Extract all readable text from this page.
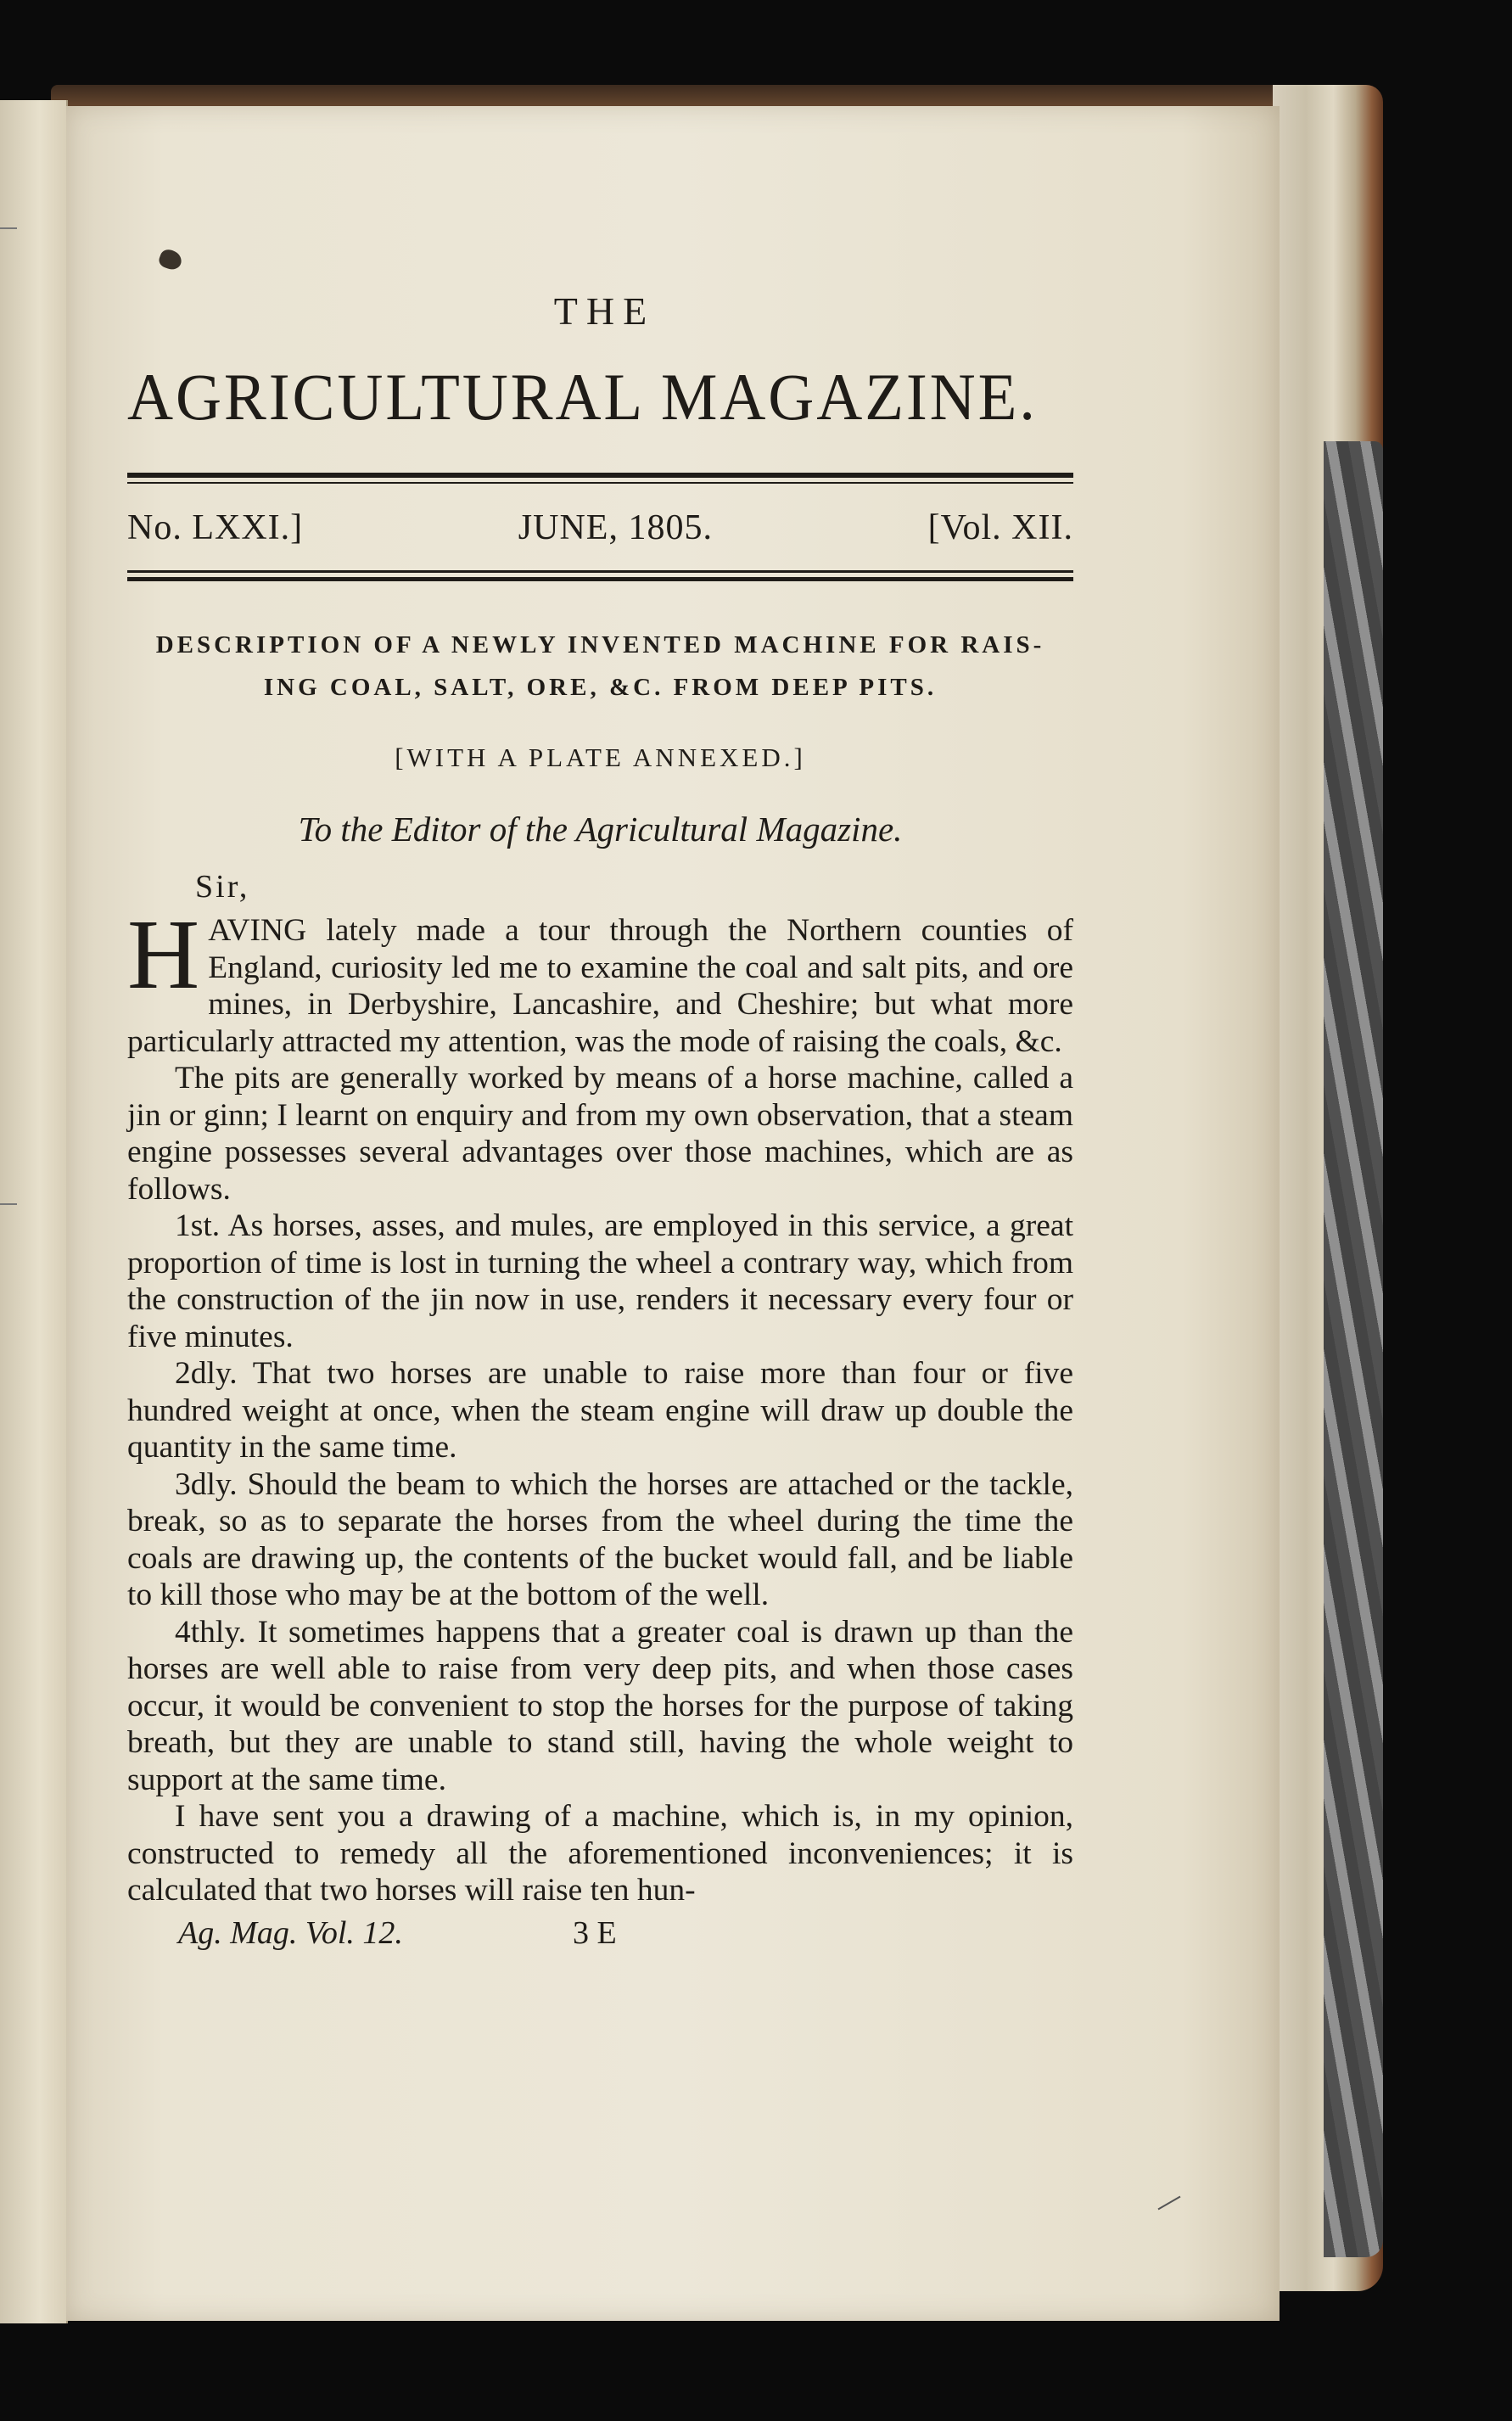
THE
AGRICULTURAL MAGAZINE.
No. LXXI.]	JUNE, 1805.	[Vol. XII.
DESCRIPTION OF A NEWLY INVENTED MACHINE FOR RAIS-
ING COAL, SALT, ORE, &C. FROM DEEP PITS.
[WITH A PLATE ANNEXED.]
To the Editor of the Agricultural Magazine.
Sir,

HAVING lately made a tour through the Northern counties of England, curiosity led me to examine the coal and salt pits, and ore mines, in Derbyshire, Lancashire, and Cheshire; but what more particularly attracted my attention, was the mode of raising the coals, &c.

The pits are generally worked by means of a horse machine, called a jin or ginn; I learnt on enquiry and from my own observation, that a steam engine possesses several advantages over those machines, which are as follows.

1st. As horses, asses, and mules, are employed in this service, a great proportion of time is lost in turning the wheel a contrary way, which from the construction of the jin now in use, renders it necessary every four or five minutes.

2dly. That two horses are unable to raise more than four or five hundred weight at once, when the steam engine will draw up double the quantity in the same time.

3dly. Should the beam to which the horses are attached or the tackle, break, so as to separate the horses from the wheel during the time the coals are drawing up, the contents of the bucket would fall, and be liable to kill those who may be at the bottom of the well.

4thly. It sometimes happens that a greater coal is drawn up than the horses are well able to raise from very deep pits, and when those cases occur, it would be convenient to stop the horses for the purpose of taking breath, but they are unable to stand still, having the whole weight to support at the same time.

I have sent you a drawing of a machine, which is, in my opinion, constructed to remedy all the aforementioned inconveniences; it is calculated that two horses will raise ten hun-

Ag. Mag. Vol. 12.	3 E
